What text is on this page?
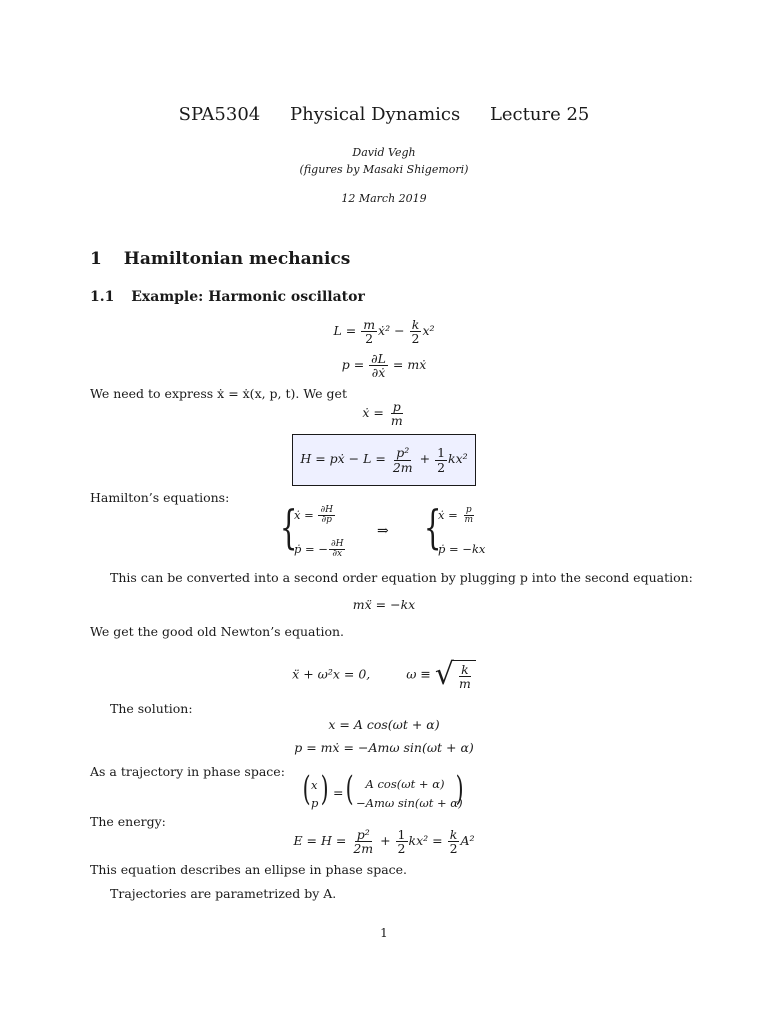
SPA5304 Physical Dynamics Lecture 25
David Vegh
(figures by Masaki Shigemori)
12 March 2019
1 Hamiltonian mechanics
1.1 Example: Harmonic oscillator
$L = \frac{m}{2}$ ẋ² − $\frac{k}{2} x^2$
$p = \frac{\partial L}{\text{∂ẋ}}$ = mẋ
We need to express ẋ = ẋ(x, p, t). We get
ẋ = $\frac{p}{m}$
H = pẋ − $L = \frac{\text{p²}}{2m} + \frac{1}{2} kx^2$
Hamilton’s equations:
{
ẋ = $\frac{\partial H}{\partial p}$
ṗ = − $\frac{\partial H}{\partial x}$
⇒ {
ẋ = $\frac{p}{m}$
ṗ = −kx
This can be converted into a second order equation by plugging p into the second equation:
mẍ = −kx
We get the good old Newton’s equation.
ẍ + ω²x = 0,	ω ≡ √ $\frac{k}{m}$
The solution:
x = A cos(ωt + α)
p = mẋ = −Amω sin(ωt + α)
As a trajectory in phase space: ( x
p ) = (	A cos(ωt + α)
−Amω sin(ωt + α)
)
The energy:
$E = H = \frac{\text{p²}}{2m} + \frac{1}{2} kx^2 = \frac{k}{2} A^2$
This equation describes an ellipse in phase space.
Trajectories are parametrized by A.
1
